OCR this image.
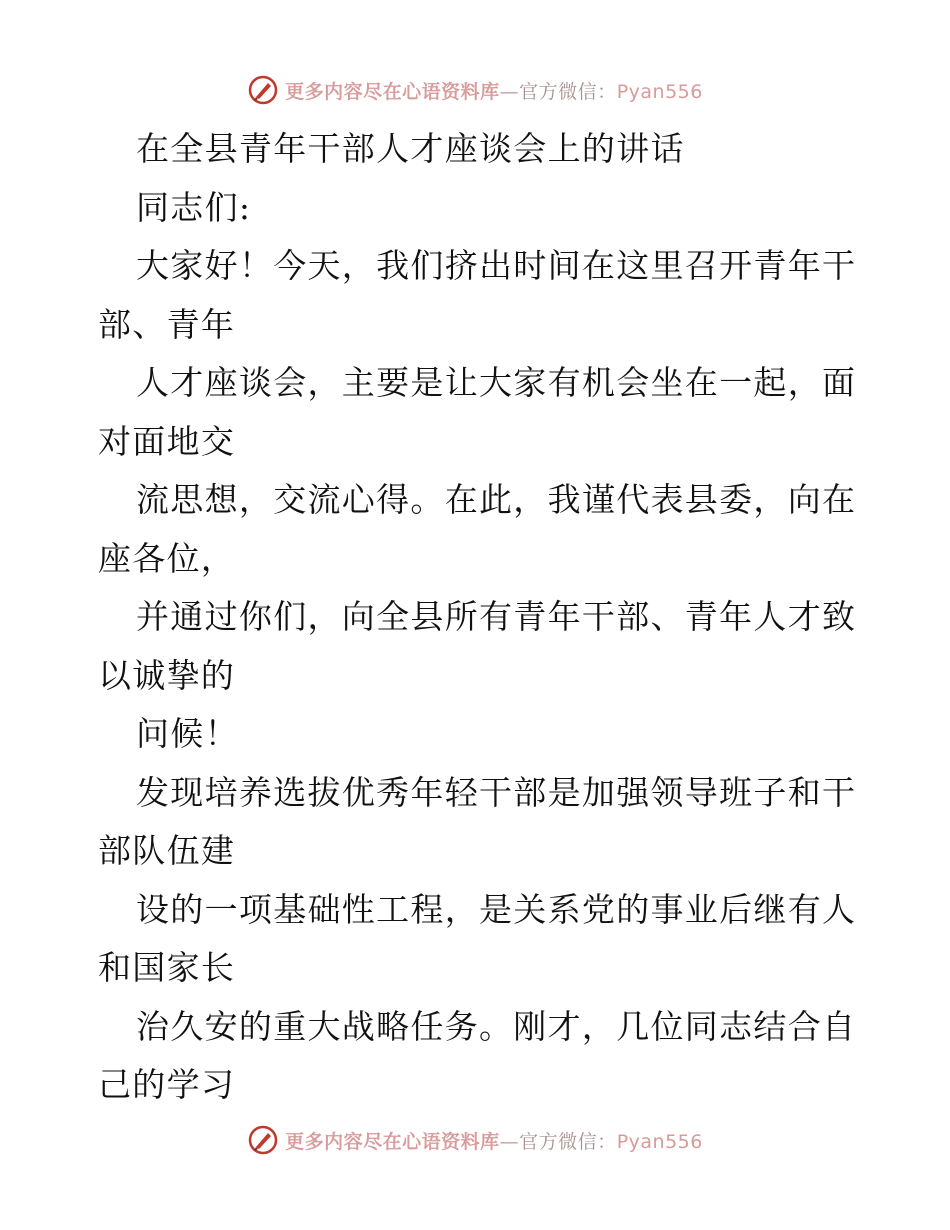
更多内容尽在心语资料库—官方微信：Pyan556
在全县青年干部人才座谈会上的讲话
同志们:
大家好！今天，我们挤出时间在这里召开青年干
部、青年
人才座谈会，主要是让大家有机会坐在一起，面
对面地交
流思想，交流心得。在此，我谨代表县委，向在
座各位，
并通过你们，向全县所有青年干部、青年人才致
以诚挚的
问候！
发现培养选拔优秀年轻干部是加强领导班子和干
部队伍建
设的一项基础性工程，是关系党的事业后继有人
和国家长
治久安的重大战略任务。刚才，几位同志结合自
己的学习
更多内容尽在心语资料库—官方微信：Pyan556
